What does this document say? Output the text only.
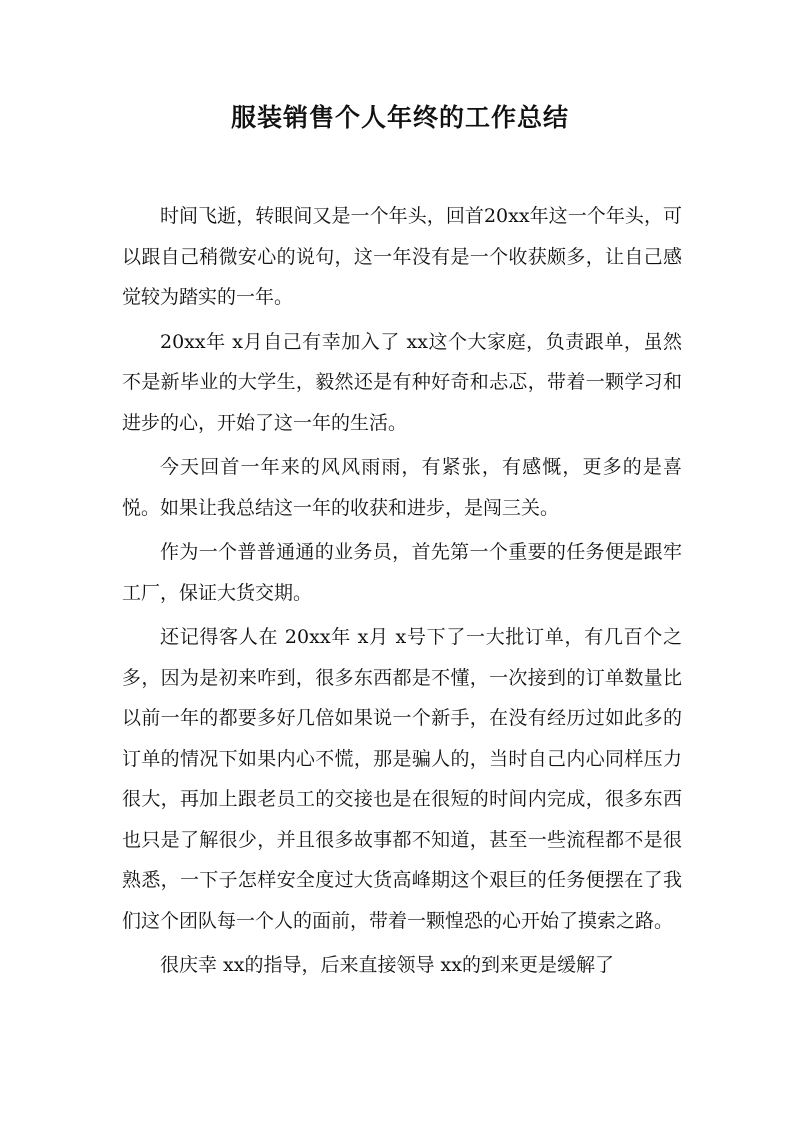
服装销售个人年终的工作总结

时间飞逝，转眼间又是一个年头，回首20xx年这一个年头，可以跟自己稍微安心的说句，这一年没有是一个收获颇多，让自己感觉较为踏实的一年。

20xx年 x月自己有幸加入了 xx这个大家庭，负责跟单，虽然不是新毕业的大学生，毅然还是有种好奇和忐忑，带着一颗学习和进步的心，开始了这一年的生活。

今天回首一年来的风风雨雨，有紧张，有感慨，更多的是喜悦。如果让我总结这一年的收获和进步，是闯三关。

作为一个普普通通的业务员，首先第一个重要的任务便是跟牢工厂，保证大货交期。

还记得客人在 20xx年 x月 x号下了一大批订单，有几百个之多，因为是初来咋到，很多东西都是不懂，一次接到的订单数量比以前一年的都要多好几倍如果说一个新手，在没有经历过如此多的订单的情况下如果内心不慌，那是骗人的，当时自己内心同样压力很大，再加上跟老员工的交接也是在很短的时间内完成，很多东西也只是了解很少，并且很多故事都不知道，甚至一些流程都不是很熟悉，一下子怎样安全度过大货高峰期这个艰巨的任务便摆在了我们这个团队每一个人的面前，带着一颗惶恐的心开始了摸索之路。

很庆幸 xx的指导，后来直接领导 xx的到来更是缓解了
